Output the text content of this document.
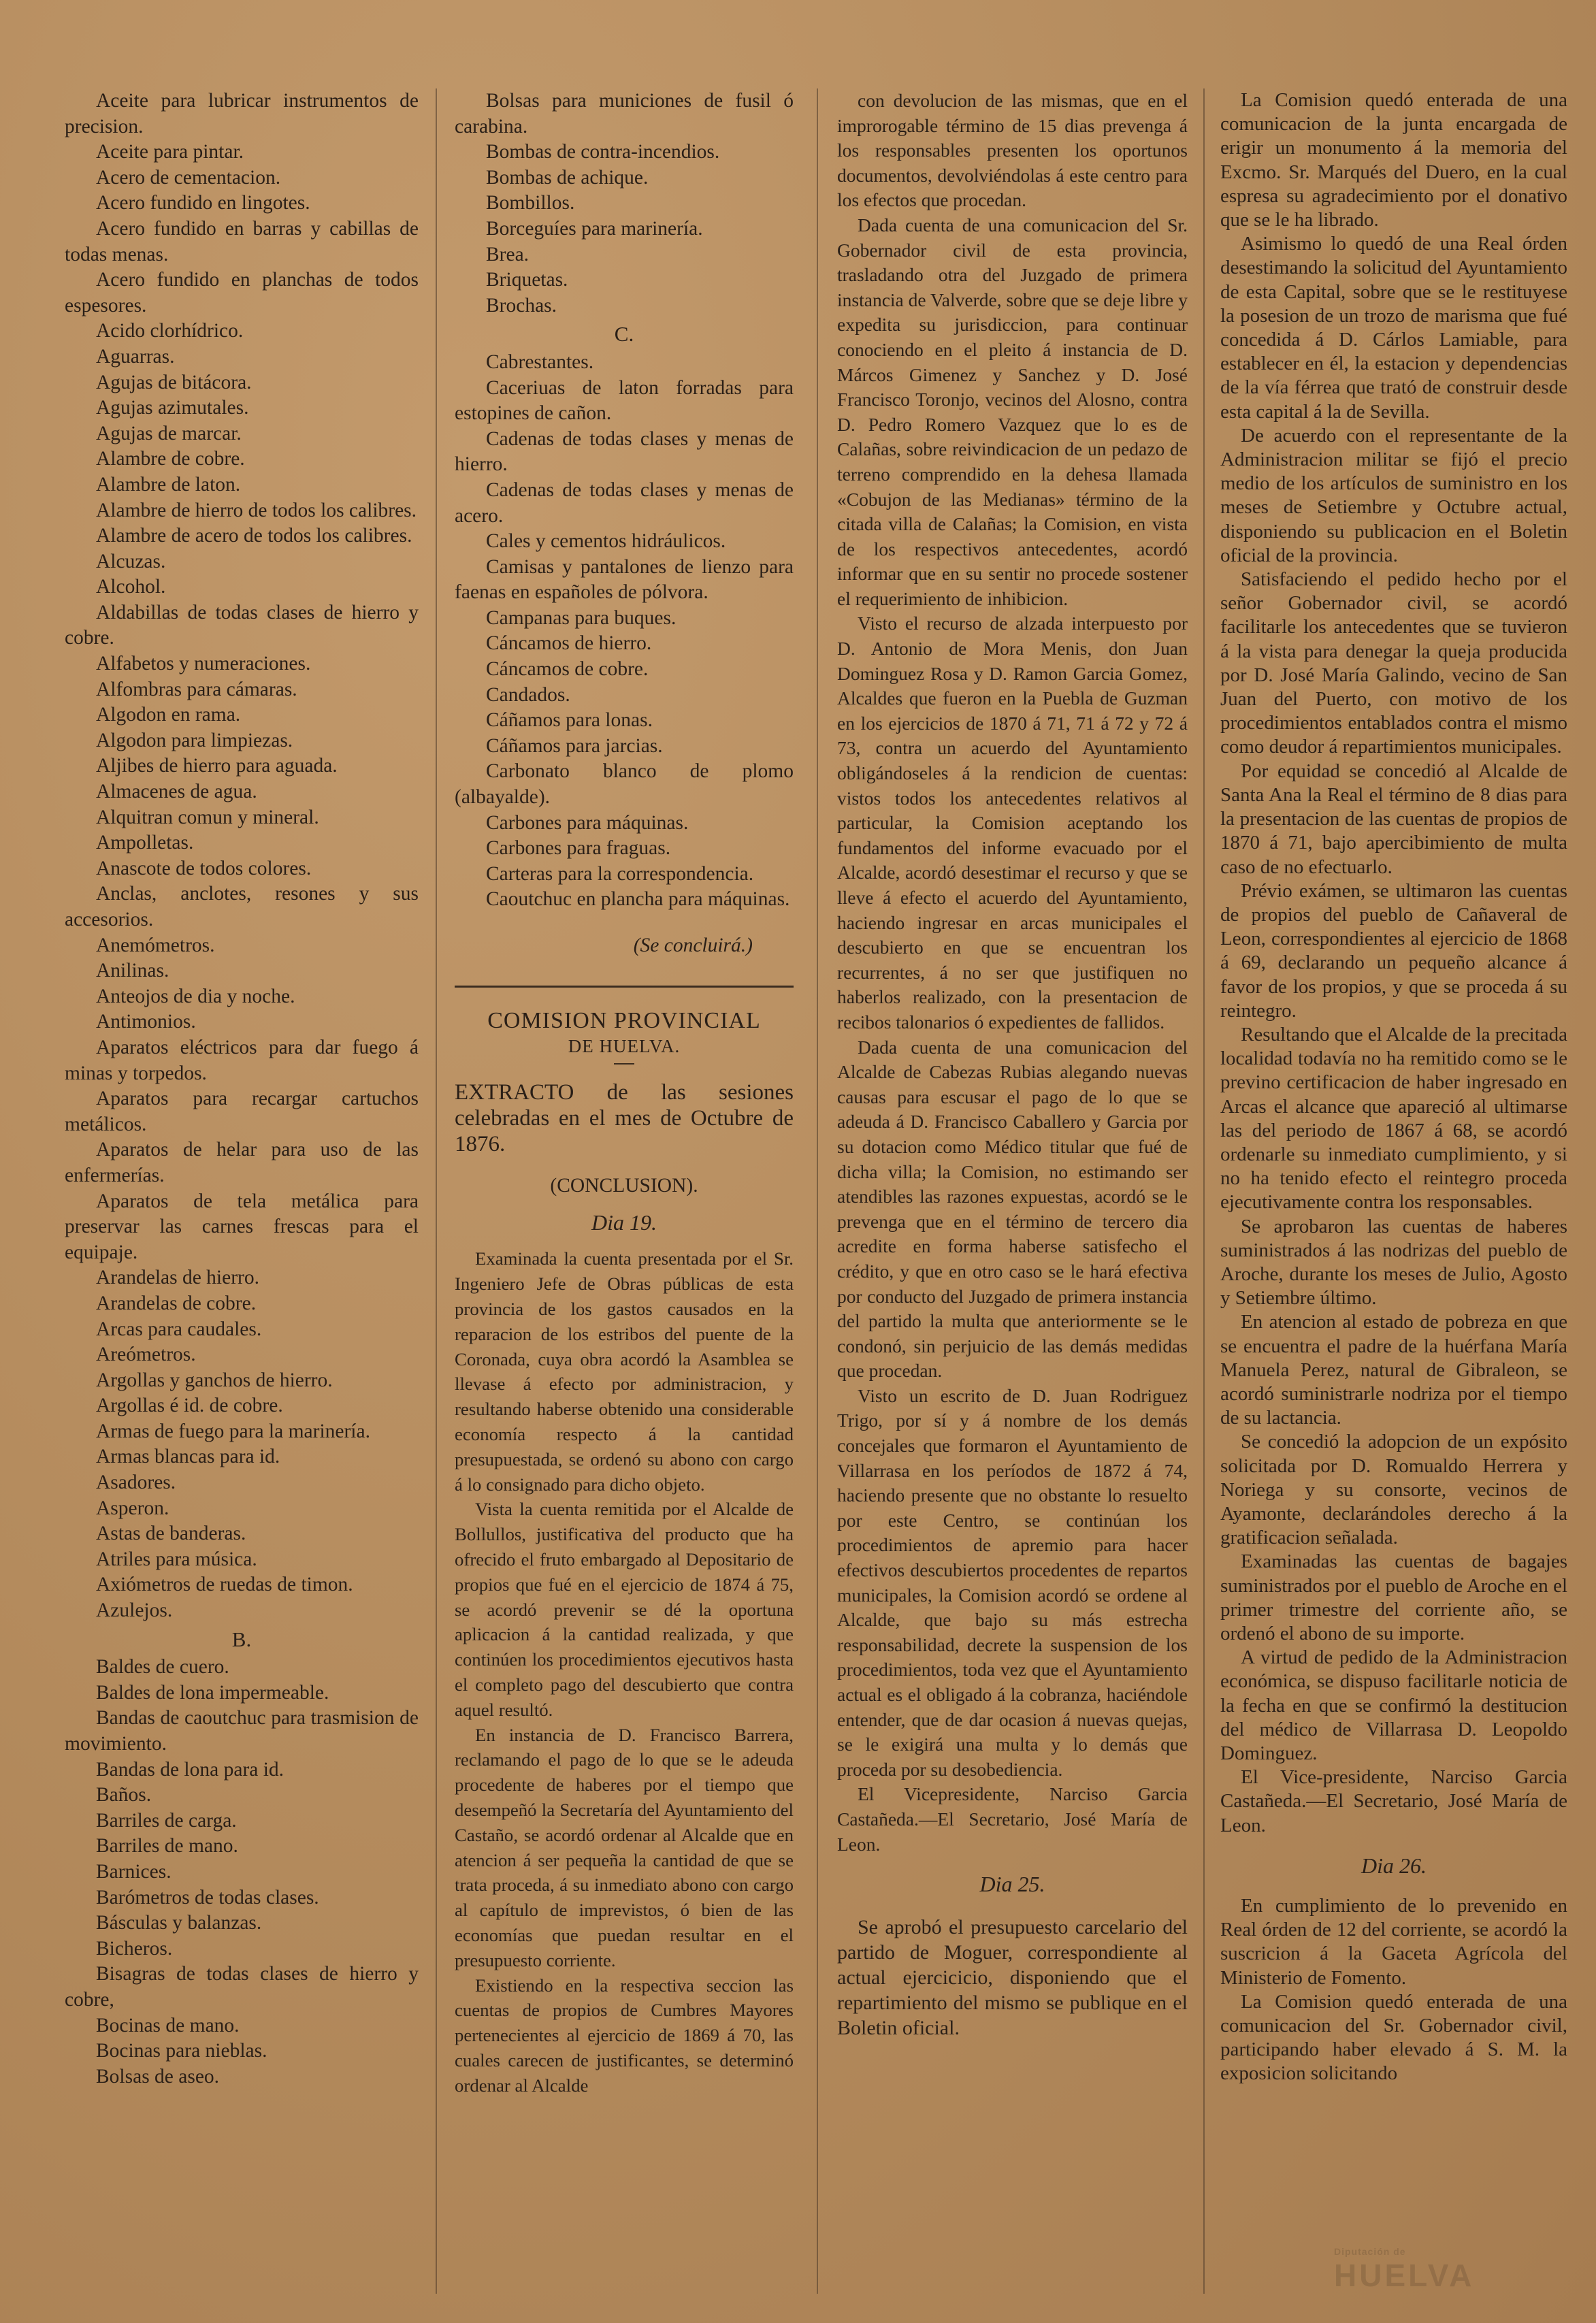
Aceite para lubricar instrumentos de precision.

Aceite para pintar.

Acero de cementacion.

Acero fundido en lingotes.

Acero fundido en barras y cabillas de todas menas.

Acero fundido en planchas de todos espesores.

Acido clorhídrico.

Aguarras.

Agujas de bitácora.

Agujas azimutales.

Agujas de marcar.

Alambre de cobre.

Alambre de laton.

Alambre de hierro de todos los calibres.

Alambre de acero de todos los calibres.

Alcuzas.

Alcohol.

Aldabillas de todas clases de hierro y cobre.

Alfabetos y numeraciones.

Alfombras para cámaras.

Algodon en rama.

Algodon para limpiezas.

Aljibes de hierro para aguada.

Almacenes de agua.

Alquitran comun y mineral.

Ampolletas.

Anascote de todos colores.

Anclas, anclotes, resones y sus accesorios.

Anemómetros.

Anilinas.

Anteojos de dia y noche.

Antimonios.

Aparatos eléctricos para dar fuego á minas y torpedos.

Aparatos para recargar cartuchos metálicos.

Aparatos de helar para uso de las enfermerías.

Aparatos de tela metálica para preservar las carnes frescas para el equipaje.

Arandelas de hierro.

Arandelas de cobre.

Arcas para caudales.

Areómetros.

Argollas y ganchos de hierro.

Argollas é id. de cobre.

Armas de fuego para la marinería.

Armas blancas para id.

Asadores.

Asperon.

Astas de banderas.

Atriles para música.

Axiómetros de ruedas de timon.

Azulejos.

B.

Baldes de cuero.

Baldes de lona impermeable.

Bandas de caoutchuc para trasmision de movimiento.

Bandas de lona para id.

Baños.

Barriles de carga.

Barriles de mano.

Barnices.

Barómetros de todas clases.

Básculas y balanzas.

Bicheros.

Bisagras de todas clases de hierro y cobre,

Bocinas de mano.

Bocinas para nieblas.

Bolsas de aseo.

Bolsas para municiones de fusil ó carabina.

Bombas de contra-incendios.

Bombas de achique.

Bombillos.

Borceguíes para marinería.

Brea.

Briquetas.

Brochas.

C.

Cabrestantes.

Caceriuas de laton forradas para estopines de cañon.

Cadenas de todas clases y menas de hierro.

Cadenas de todas clases y menas de acero.

Cales y cementos hidráulicos.

Camisas y pantalones de lienzo para faenas en españoles de pólvora.

Campanas para buques.

Cáncamos de hierro.

Cáncamos de cobre.

Candados.

Cáñamos para lonas.

Cáñamos para jarcias.

Carbonato blanco de plomo (albayalde).

Carbones para máquinas.

Carbones para fraguas.

Carteras para la correspondencia.

Caoutchuc en plancha para máquinas.

(Se concluirá.)

COMISION PROVINCIAL

DE HUELVA.

EXTRACTO de las sesiones celebradas en el mes de Octubre de 1876.

(CONCLUSION).

Dia 19.

Examinada la cuenta presentada por el Sr. Ingeniero Jefe de Obras públicas de esta provincia de los gastos causados en la reparacion de los estribos del puente de la Coronada, cuya obra acordó la Asamblea se llevase á efecto por administracion, y resultando haberse obtenido una considerable economía respecto á la cantidad presupuestada, se ordenó su abono con cargo á lo consignado para dicho objeto.

Vista la cuenta remitida por el Alcalde de Bollullos, justificativa del producto que ha ofrecido el fruto embargado al Depositario de propios que fué en el ejercicio de 1874 á 75, se acordó prevenir se dé la oportuna aplicacion á la cantidad realizada, y que continúen los procedimientos ejecutivos hasta el completo pago del descubierto que contra aquel resultó.

En instancia de D. Francisco Barrera, reclamando el pago de lo que se le adeuda procedente de haberes por el tiempo que desempeñó la Secretaría del Ayuntamiento del Castaño, se acordó ordenar al Alcalde que en atencion á ser pequeña la cantidad de que se trata proceda, á su inmediato abono con cargo al capítulo de imprevistos, ó bien de las economías que puedan resultar en el presupuesto corriente.

Existiendo en la respectiva seccion las cuentas de propios de Cumbres Mayores pertenecientes al ejercicio de 1869 á 70, las cuales carecen de justificantes, se determinó ordenar al Alcalde

con devolucion de las mismas, que en el improrogable término de 15 dias prevenga á los responsables presenten los oportunos documentos, devolviéndolas á este centro para los efectos que procedan.

Dada cuenta de una comunicacion del Sr. Gobernador civil de esta provincia, trasladando otra del Juzgado de primera instancia de Valverde, sobre que se deje libre y expedita su jurisdiccion, para continuar conociendo en el pleito á instancia de D. Márcos Gimenez y Sanchez y D. José Francisco Toronjo, vecinos del Alosno, contra D. Pedro Romero Vazquez que lo es de Calañas, sobre reivindicacion de un pedazo de terreno comprendido en la dehesa llamada «Cobujon de las Medianas» término de la citada villa de Calañas; la Comision, en vista de los respectivos antecedentes, acordó informar que en su sentir no procede sostener el requerimiento de inhibicion.

Visto el recurso de alzada interpuesto por D. Antonio de Mora Menis, don Juan Dominguez Rosa y D. Ramon Garcia Gomez, Alcaldes que fueron en la Puebla de Guzman en los ejercicios de 1870 á 71, 71 á 72 y 72 á 73, contra un acuerdo del Ayuntamiento obligándoseles á la rendicion de cuentas: vistos todos los antecedentes relativos al particular, la Comision aceptando los fundamentos del informe evacuado por el Alcalde, acordó desestimar el recurso y que se lleve á efecto el acuerdo del Ayuntamiento, haciendo ingresar en arcas municipales el descubierto en que se encuentran los recurrentes, á no ser que justifiquen no haberlos realizado, con la presentacion de recibos talonarios ó expedientes de fallidos.

Dada cuenta de una comunicacion del Alcalde de Cabezas Rubias alegando nuevas causas para escusar el pago de lo que se adeuda á D. Francisco Caballero y Garcia por su dotacion como Médico titular que fué de dicha villa; la Comision, no estimando ser atendibles las razones expuestas, acordó se le prevenga que en el término de tercero dia acredite en forma haberse satisfecho el crédito, y que en otro caso se le hará efectiva por conducto del Juzgado de primera instancia del partido la multa que anteriormente se le condonó, sin perjuicio de las demás medidas que procedan.

Visto un escrito de D. Juan Rodriguez Trigo, por sí y á nombre de los demás concejales que formaron el Ayuntamiento de Villarrasa en los períodos de 1872 á 74, haciendo presente que no obstante lo resuelto por este Centro, se continúan los procedimientos de apremio para hacer efectivos descubiertos procedentes de repartos municipales, la Comision acordó se ordene al Alcalde, que bajo su más estrecha responsabilidad, decrete la suspension de los procedimientos, toda vez que el Ayuntamiento actual es el obligado á la cobranza, haciéndole entender, que de dar ocasion á nuevas quejas, se le exigirá una multa y lo demás que proceda por su desobediencia.

El Vicepresidente, Narciso Garcia Castañeda.—El Secretario, José María de Leon.

Dia 25.

Se aprobó el presupuesto carcelario del partido de Moguer, correspondiente al actual ejercicicio, disponiendo que el repartimiento del mismo se publique en el Boletin oficial.

La Comision quedó enterada de una comunicacion de la junta encargada de erigir un monumento á la memoria del Excmo. Sr. Marqués del Duero, en la cual espresa su agradecimiento por el donativo que se le ha librado.

Asimismo lo quedó de una Real órden desestimando la solicitud del Ayuntamiento de esta Capital, sobre que se le restituyese la posesion de un trozo de marisma que fué concedida á D. Cárlos Lamiable, para establecer en él, la estacion y dependencias de la vía férrea que trató de construir desde esta capital á la de Sevilla.

De acuerdo con el representante de la Administracion militar se fijó el precio medio de los artículos de suministro en los meses de Setiembre y Octubre actual, disponiendo su publicacion en el Boletin oficial de la provincia.

Satisfaciendo el pedido hecho por el señor Gobernador civil, se acordó facilitarle los antecedentes que se tuvieron á la vista para denegar la queja producida por D. José María Galindo, vecino de San Juan del Puerto, con motivo de los procedimientos entablados contra el mismo como deudor á repartimientos municipales.

Por equidad se concedió al Alcalde de Santa Ana la Real el término de 8 dias para la presentacion de las cuentas de propios de 1870 á 71, bajo apercibimiento de multa caso de no efectuarlo.

Prévio exámen, se ultimaron las cuentas de propios del pueblo de Cañaveral de Leon, correspondientes al ejercicio de 1868 á 69, declarando un pequeño alcance á favor de los propios, y que se proceda á su reintegro.

Resultando que el Alcalde de la precitada localidad todavía no ha remitido como se le previno certificacion de haber ingresado en Arcas el alcance que apareció al ultimarse las del periodo de 1867 á 68, se acordó ordenarle su inmediato cumplimiento, y si no ha tenido efecto el reintegro proceda ejecutivamente contra los responsables.

Se aprobaron las cuentas de haberes suministrados á las nodrizas del pueblo de Aroche, durante los meses de Julio, Agosto y Setiembre último.

En atencion al estado de pobreza en que se encuentra el padre de la huérfana María Manuela Perez, natural de Gibraleon, se acordó suministrarle nodriza por el tiempo de su lactancia.

Se concedió la adopcion de un expósito solicitada por D. Romualdo Herrera y Noriega y su consorte, vecinos de Ayamonte, declarándoles derecho á la gratificacion señalada.

Examinadas las cuentas de bagajes suministrados por el pueblo de Aroche en el primer trimestre del corriente año, se ordenó el abono de su importe.

A virtud de pedido de la Administracion económica, se dispuso facilitarle noticia de la fecha en que se confirmó la destitucion del médico de Villarrasa D. Leopoldo Dominguez.

El Vice-presidente, Narciso Garcia Castañeda.—El Secretario, José María de Leon.

Dia 26.

En cumplimiento de lo prevenido en Real órden de 12 del corriente, se acordó la suscricion á la Gaceta Agrícola del Ministerio de Fomento.

La Comision quedó enterada de una comunicacion del Sr. Gobernador civil, participando haber elevado á S. M. la exposicion solicitando

Diputación de
HUELVA
